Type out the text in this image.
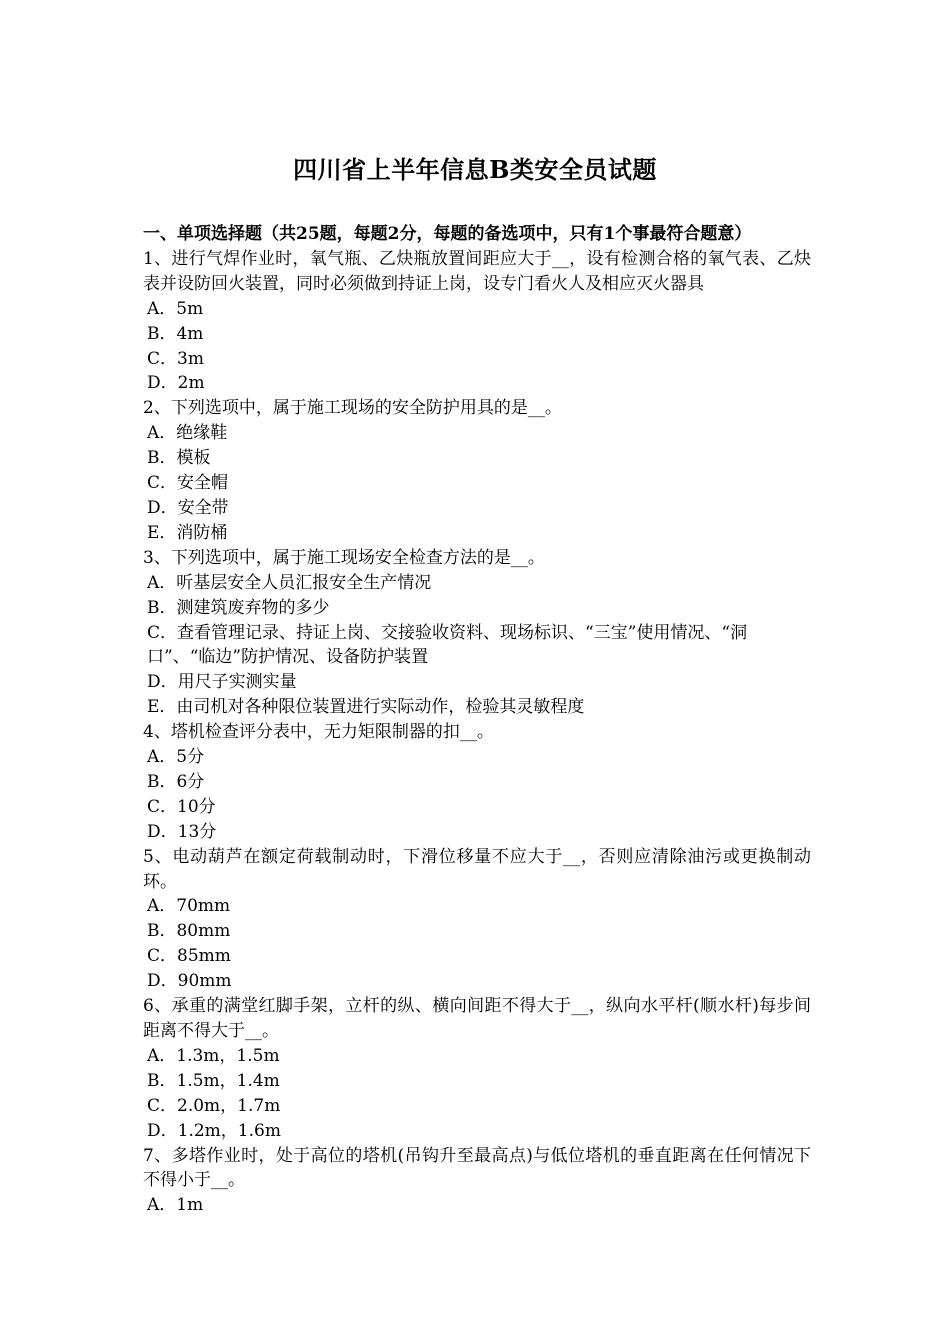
四川省上半年信息B类安全员试题
一、单项选择题（共25题，每题2分，每题的备选项中，只有1个事最符合题意）

1、进行气焊作业时，氧气瓶、乙炔瓶放置间距应大于__，设有检测合格的氧气表、乙炔表并设防回火装置，同时必须做到持证上岗，设专门看火人及相应灭火器具

A．5m
B．4m
C．3m
D．2m

2、下列选项中，属于施工现场的安全防护用具的是__。

A．绝缘鞋
B．模板
C．安全帽
D．安全带
E．消防桶

3、下列选项中，属于施工现场安全检查方法的是__。

A．听基层安全人员汇报安全生产情况
B．测建筑废弃物的多少
C．查看管理记录、持证上岗、交接验收资料、现场标识、“三宝”使用情况、“洞口”、“临边”防护情况、设备防护装置
D．用尺子实测实量
E．由司机对各种限位装置进行实际动作，检验其灵敏程度

4、塔机检查评分表中，无力矩限制器的扣__。

A．5分
B．6分
C．10分
D．13分

5、电动葫芦在额定荷载制动时，下滑位移量不应大于__，否则应清除油污或更换制动环。

A．70mm
B．80mm
C．85mm
D．90mm

6、承重的满堂红脚手架，立杆的纵、横向间距不得大于__，纵向水平杆(顺水杆)每步间距离不得大于__。

A．1.3m，1.5m
B．1.5m，1.4m
C．2.0m，1.7m
D．1.2m，1.6m

7、多塔作业时，处于高位的塔机(吊钩升至最高点)与低位塔机的垂直距离在任何情况下不得小于__。

A．1m
